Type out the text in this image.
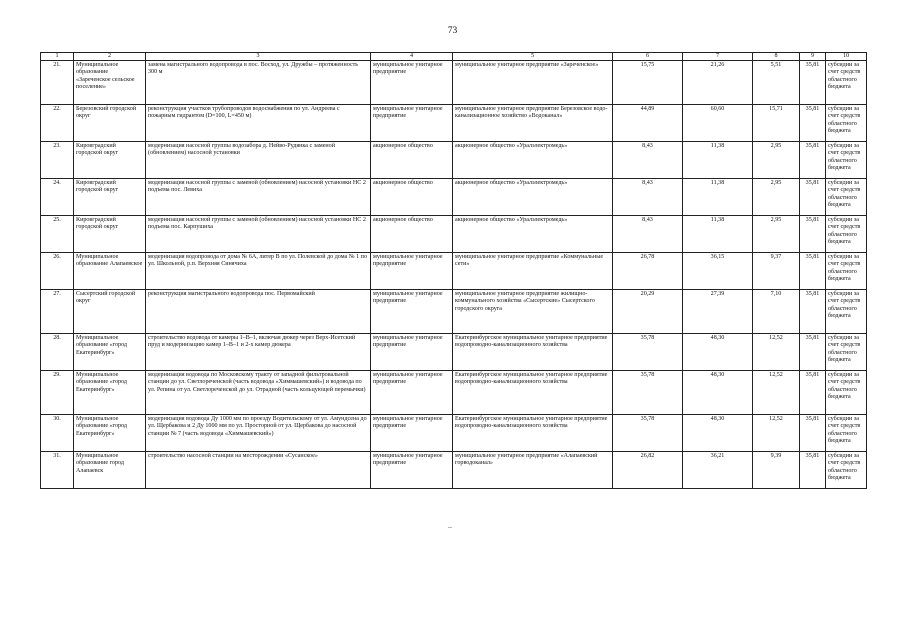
73
1	2	3	4	5	6	7	8	9	10
21.	Муниципальное образование «Зареченское сельское поселение»	замена магистрального водопровода в пос. Восход, ул. Дружбы – протяженность 300 м	муниципальное унитарное предприятие	муниципальное унитарное предприятие «Зареченское»	15,75	21,26	5,51	35,81	субсидии за счет средств областного бюджета
22.	Березовский городской округ	реконструкция участков трубопроводов водоснабжения по ул. Андреева с пожарным гидрантом (D=100, L=450 м)	муниципальное унитарное предприятие	муниципальное унитарное предприятие Березовское водо-канализационное хозяйство «Водоканал»	44,89	60,60	15,71	35,81	субсидии за счет средств областного бюджета
23.	Кировградский городской округ	модернизация насосной группы водозабора д. Нейво-Рудянка с заменой (обновлением) насосной установки	акционерное общество	акционерное общество «Уралэлектромедь»	8,43	11,38	2,95	35,81	субсидии за счет средств областного бюджета
24.	Кировградский городской округ	модернизация насосной группы с заменой (обновлением) насосной установки НС 2 подъема пос. Левиха	акционерное общество	акционерное общество «Уралэлектромедь»	8,43	11,38	2,95	35,81	субсидии за счет средств областного бюджета
25.	Кировградский городской округ	модернизация насосной группы с заменой (обновлением) насосной установки НС 2 подъема пос. Карпушиха	акционерное общество	акционерное общество «Уралэлектромедь»	8,43	11,38	2,95	35,81	субсидии за счет средств областного бюджета
26.	Муниципальное образование Алапаевское	модернизация водопровода от дома № 6А, литер В по ул. Полевской до дома № 1 по ул. Школьной, р.п. Верхняя Синячиха	муниципальное унитарное предприятие	муниципальное унитарное предприятие «Коммунальные сети»	26,78	36,15	9,37	35,81	субсидии за счет средств областного бюджета
27.	Сысертский городской округ	реконструкция магистрального водопровода пос. Первомайский	муниципальное унитарное предприятие	муниципальное унитарное предприятие жилищно-коммунального хозяйства «Сысертские» Сысертского городского округа	20,29	27,39	7,10	35,81	субсидии за счет средств областного бюджета
28.	Муниципальное образование «город Екатеринбург»	строительство водовода от камеры 1–В–1, включая дюкер через Верх-Исетский пруд и модернизацию камер 1–В–1 и 2-х камер дюкера	муниципальное унитарное предприятие	Екатеринбургское муниципальное унитарное предприятие водопроводно-канализационного хозяйства	35,78	48,30	12,52	35,81	субсидии за счет средств областного бюджета
29.	Муниципальное образование «город Екатеринбург»	модернизация водовода по Московскому тракту от западной фильтровальной станции до ул. Светлореченской (часть водовода «Химмашевский») и водовода по ул. Репина от ул. Светлореченской до ул. Отрадной (часть кольцующей перемычки)	муниципальное унитарное предприятие	Екатеринбургское муниципальное унитарное предприятие водопроводно-канализационного хозяйства	35,78	48,30	12,52	35,81	субсидии за счет средств областного бюджета
30.	Муниципальное образование «город Екатеринбург»	модернизация водовода Ду 1000 мм по проезду Водительскому от ул. Амундсена до ул. Щербакова и 2 Ду 1000 мм по ул. Просторной от ул. Щербакова до насосной станции № 7 (часть водовода «Химмашевский»)	муниципальное унитарное предприятие	Екатеринбургское муниципальное унитарное предприятие водопроводно-канализационного хозяйства	35,78	48,30	12,52	35,81	субсидии за счет средств областного бюджета
31.	Муниципальное образование город Алапаевск	строительство насосной станции на месторождении «Сусанское»	муниципальное унитарное предприятие	муниципальное унитарное предприятие «Алапаевский горводоканал»	26,82	36,21	9,39	35,81	субсидии за счет средств областного бюджета
–
